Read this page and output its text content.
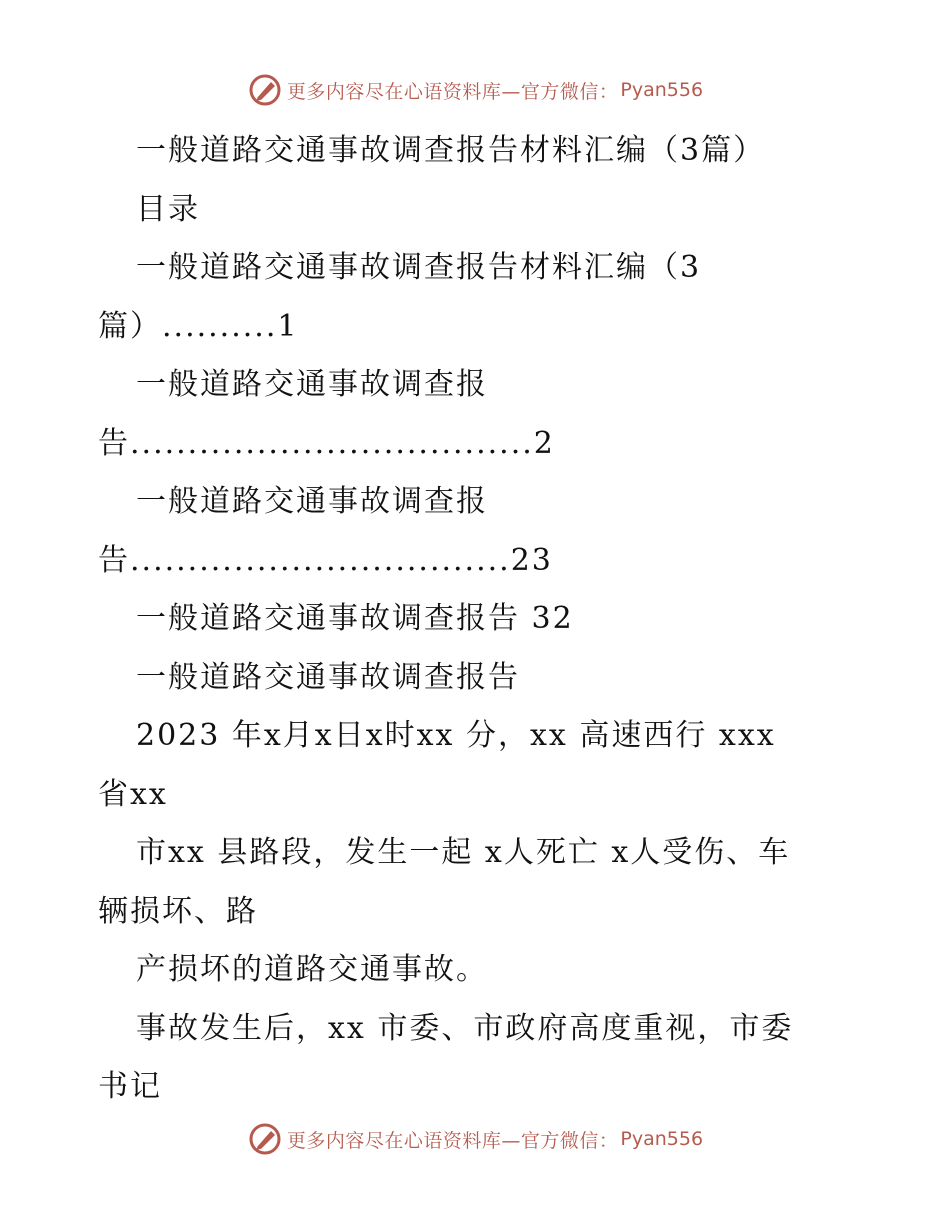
更多内容尽在心语资料库—官方微信： Pyan556
一般道路交通事故调查报告材料汇编（3篇）
目录
一般道路交通事故调查报告材料汇编（3
篇）..........1
一般道路交通事故调查报
告...................................2
一般道路交通事故调查报
告.................................23
一般道路交通事故调查报告 32
一般道路交通事故调查报告
2023 年x月x日x时xx 分，xx 高速西行 xxx
省xx
市xx 县路段，发生一起 x人死亡 x人受伤、车
辆损坏、路
产损坏的道路交通事故。
事故发生后，xx 市委、市政府高度重视，市委
书记
更多内容尽在心语资料库—官方微信： Pyan556
